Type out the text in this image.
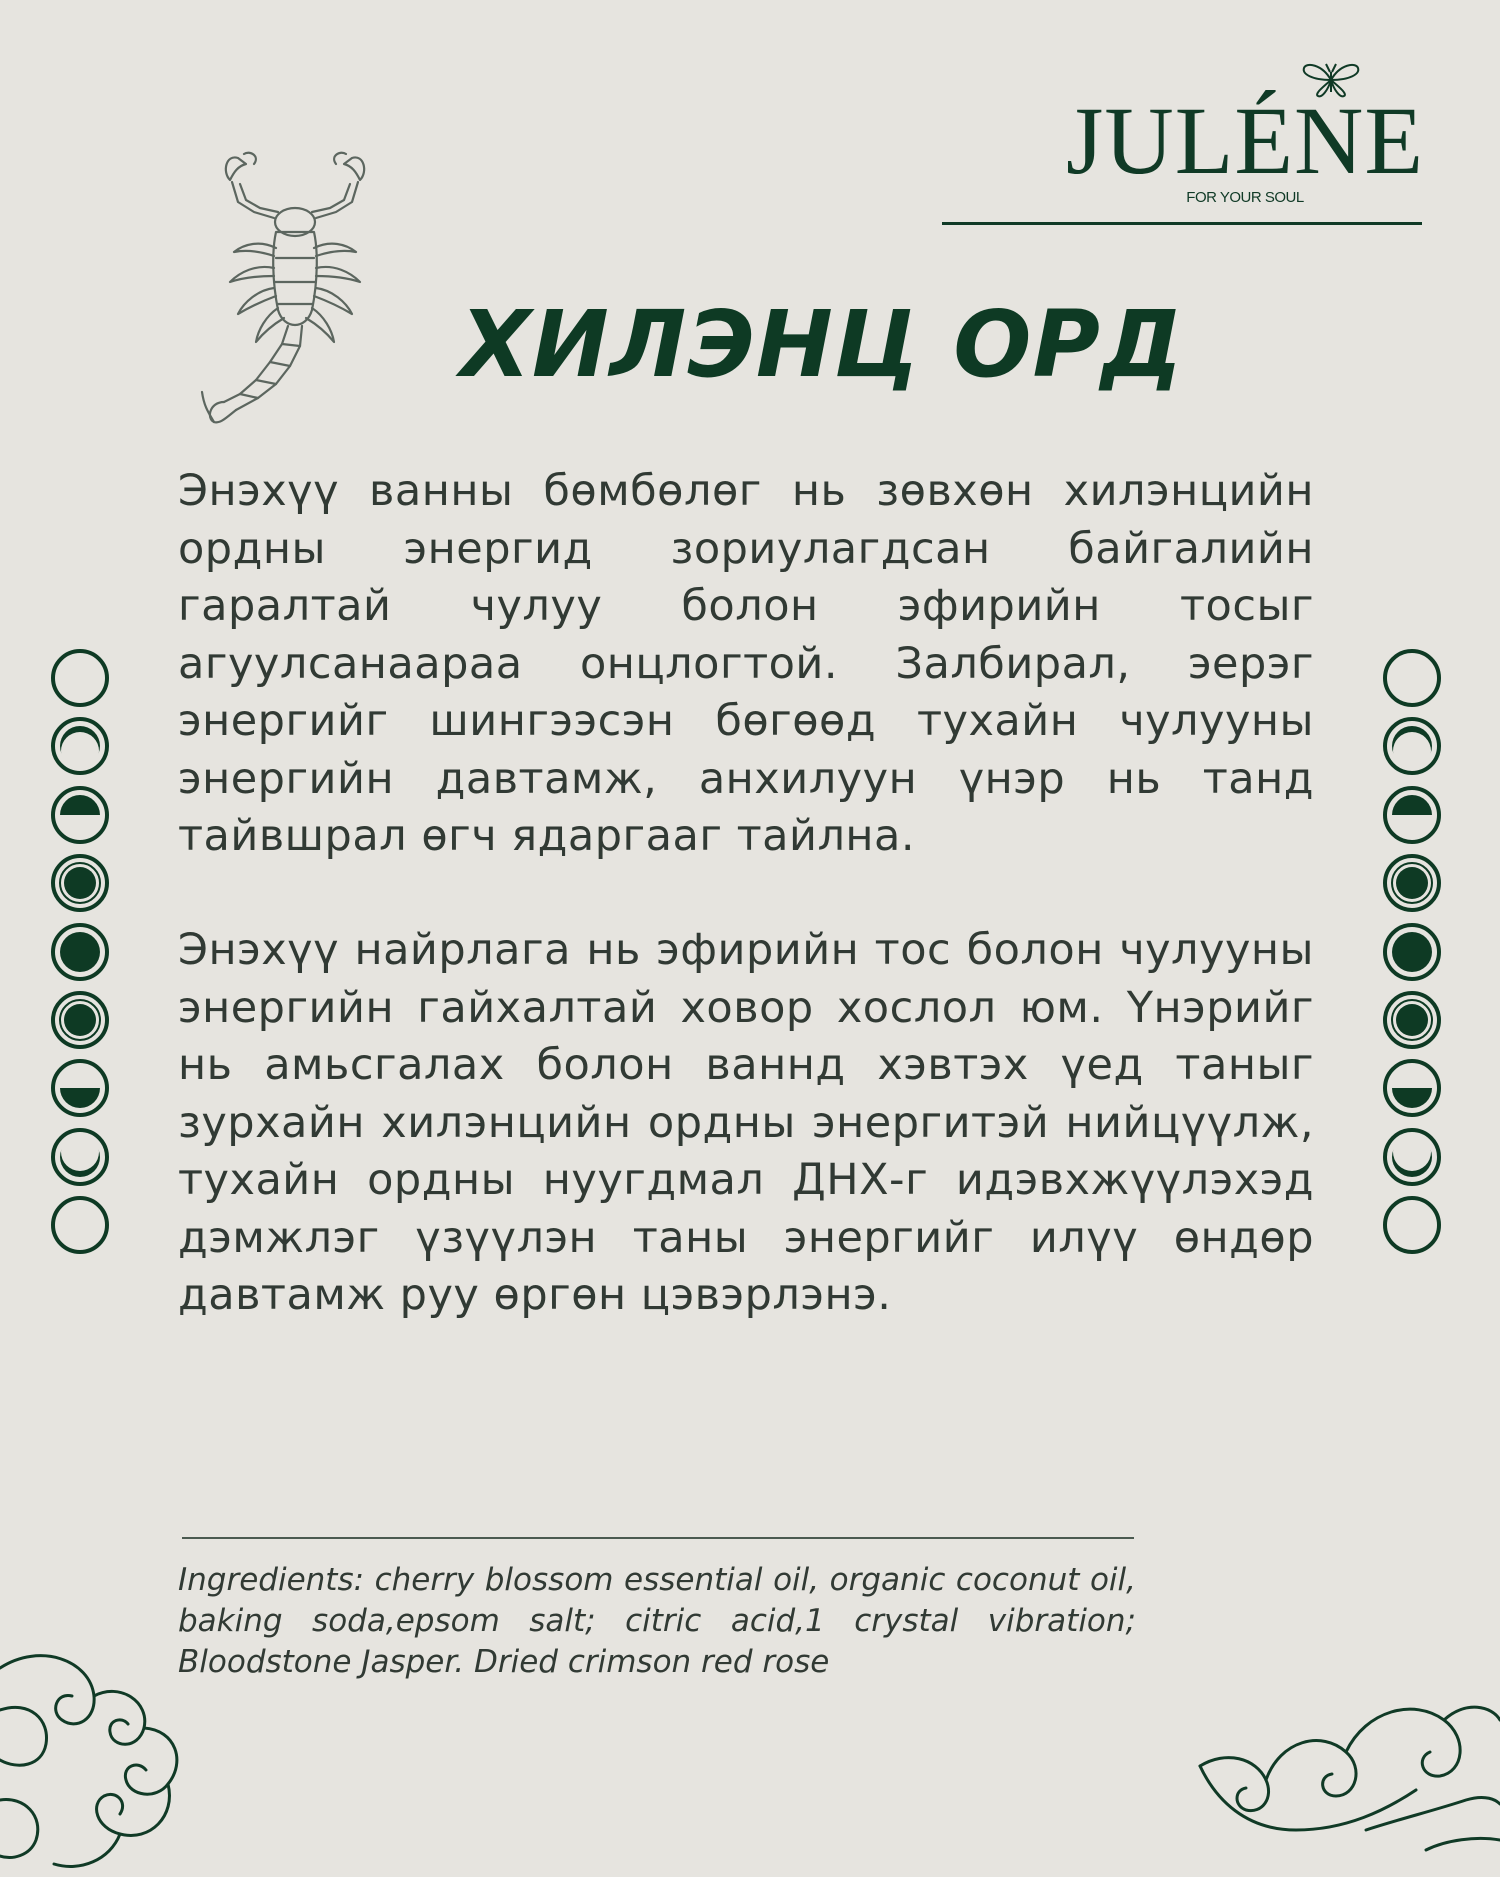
JULÉNE
FOR YOUR SOUL
ХИЛЭНЦ ОРД

Энэхүү ванны бөмбөлөг нь зөвхөн хилэнцийн ордны энергид зориулагдсан байгалийн гаралтай чулуу болон эфирийн тосыг агуулсанаараа онцлогтой. Залбирал, эерэг энергийг шингээсэн бөгөөд тухайн чулууны энергийн давтамж, анхилуун үнэр нь танд тайвшрал өгч ядаргааг тайлна.

Энэхүү найрлага нь эфирийн тос болон чулууны энергийн гайхалтай ховор хослол юм. Үнэрийг нь амьсгалах болон ваннд хэвтэх үед таныг зурхайн хилэнцийн ордны энергитэй нийцүүлж, тухайн ордны нуугдмал ДНХ-г идэвхжүүлэхэд дэмжлэг үзүүлэн таны энергийг илүү өндөр давтамж руу өргөн цэвэрлэнэ.

Ingredients: cherry blossom essential oil, organic coconut oil, baking soda,epsom salt; citric acid,1 crystal vibration; Bloodstone Jasper. Dried crimson red rose
